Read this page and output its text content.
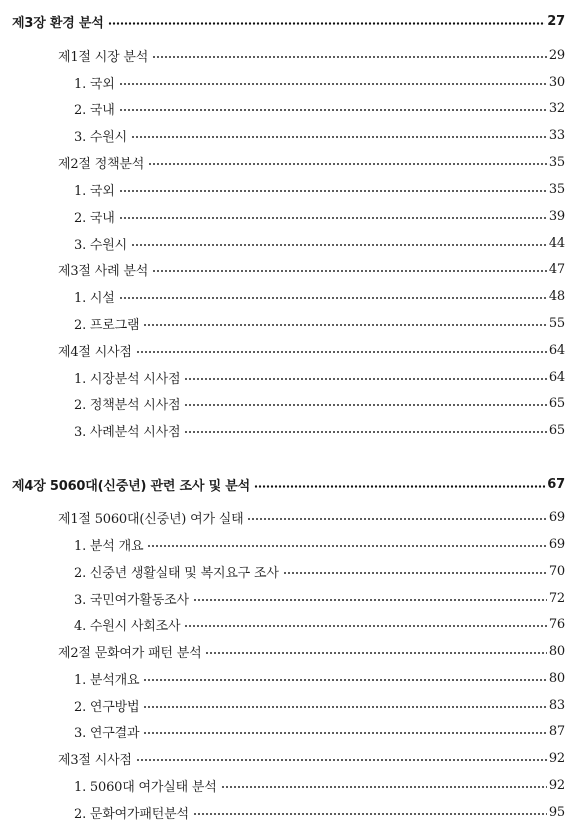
제3장 환경 분석	27
제1절 시장 분석	29
1. 국외	30
2. 국내	32
3. 수원시	33
제2절 정책분석	35
1. 국외	35
2. 국내	39
3. 수원시	44
제3절 사례 분석	47
1. 시설	48
2. 프로그램	55
제4절 시사점	64
1. 시장분석 시사점	64
2. 정책분석 시사점	65
3. 사례분석 시사점	65
제4장 5060대(신중년) 관련 조사 및 분석	67
제1절 5060대(신중년) 여가 실태	69
1. 분석 개요	69
2. 신중년 생활실태 및 복지요구 조사	70
3. 국민여가활동조사	72
4. 수원시 사회조사	76
제2절 문화여가 패턴 분석	80
1. 분석개요	80
2. 연구방법	83
3. 연구결과	87
제3절 시사점	92
1. 5060대 여가실태 분석	92
2. 문화여가패턴분석	95
